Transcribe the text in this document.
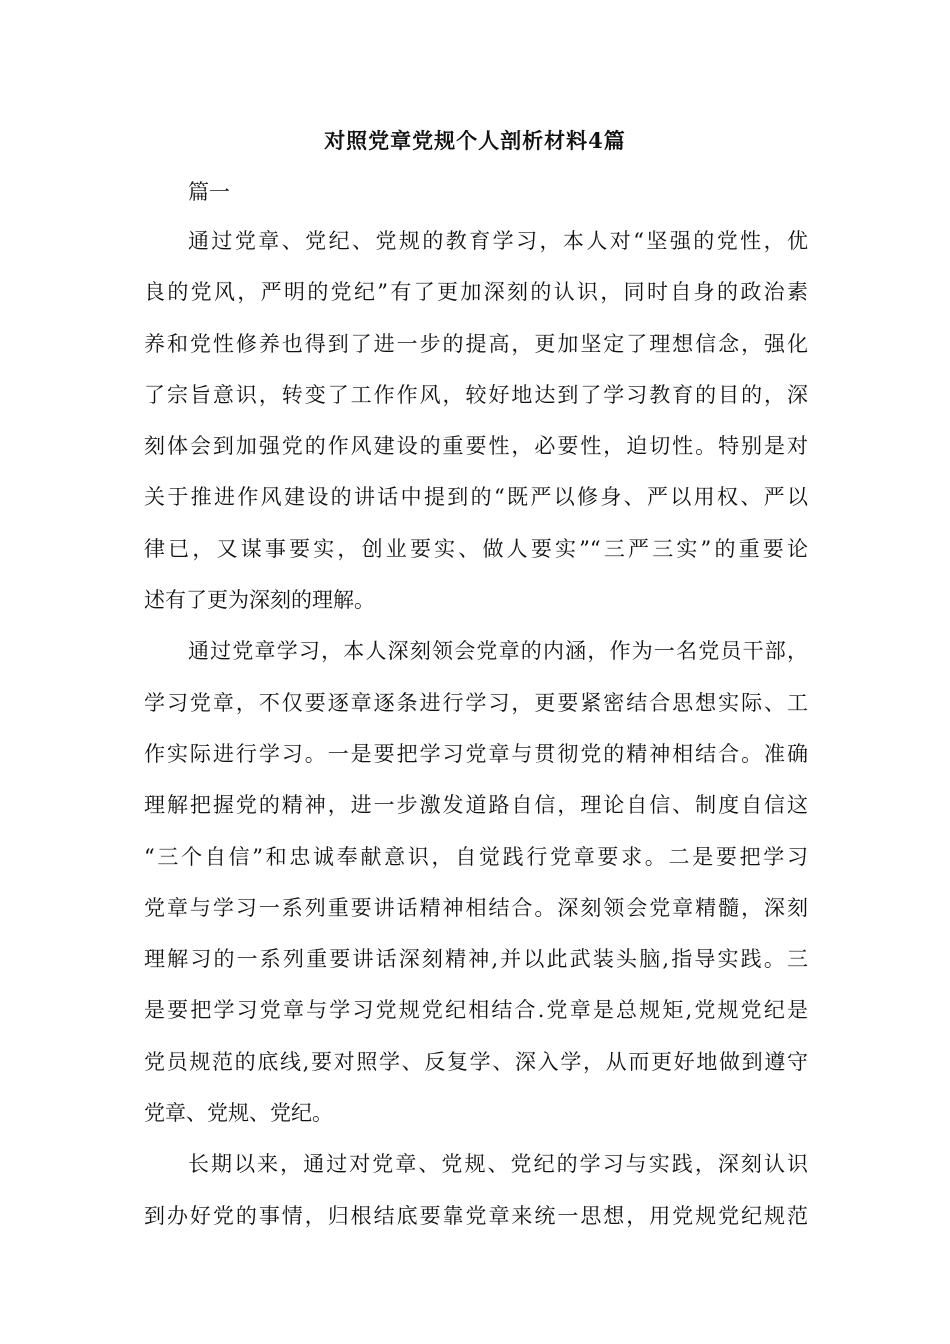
对照党章党规个人剖析材料4篇
篇一
通过党章、党纪、党规的教育学习，本人对“坚强的党性，优
良的党风，严明的党纪”有了更加深刻的认识，同时自身的政治素
养和党性修养也得到了进一步的提高，更加坚定了理想信念，强化
了宗旨意识，转变了工作作风，较好地达到了学习教育的目的，深
刻体会到加强党的作风建设的重要性，必要性，迫切性。特别是对
关于推进作风建设的讲话中提到的“既严以修身、严以用权、严以
律已，又谋事要实，创业要实、做人要实”“三严三实”的重要论
述有了更为深刻的理解。
通过党章学习，本人深刻领会党章的内涵，作为一名党员干部，
学习党章，不仅要逐章逐条进行学习，更要紧密结合思想实际、工
作实际进行学习。一是要把学习党章与贯彻党的精神相结合。准确
理解把握党的精神，进一步激发道路自信，理论自信、制度自信这
“三个自信”和忠诚奉献意识，自觉践行党章要求。二是要把学习
党章与学习一系列重要讲话精神相结合。深刻领会党章精髓，深刻
理解习的一系列重要讲话深刻精神,并以此武装头脑,指导实践。三
是要把学习党章与学习党规党纪相结合.党章是总规矩,党规党纪是
党员规范的底线,要对照学、反复学、深入学，从而更好地做到遵守
党章、党规、党纪。
长期以来，通过对党章、党规、党纪的学习与实践，深刻认识
到办好党的事情，归根结底要靠党章来统一思想，用党规党纪规范
